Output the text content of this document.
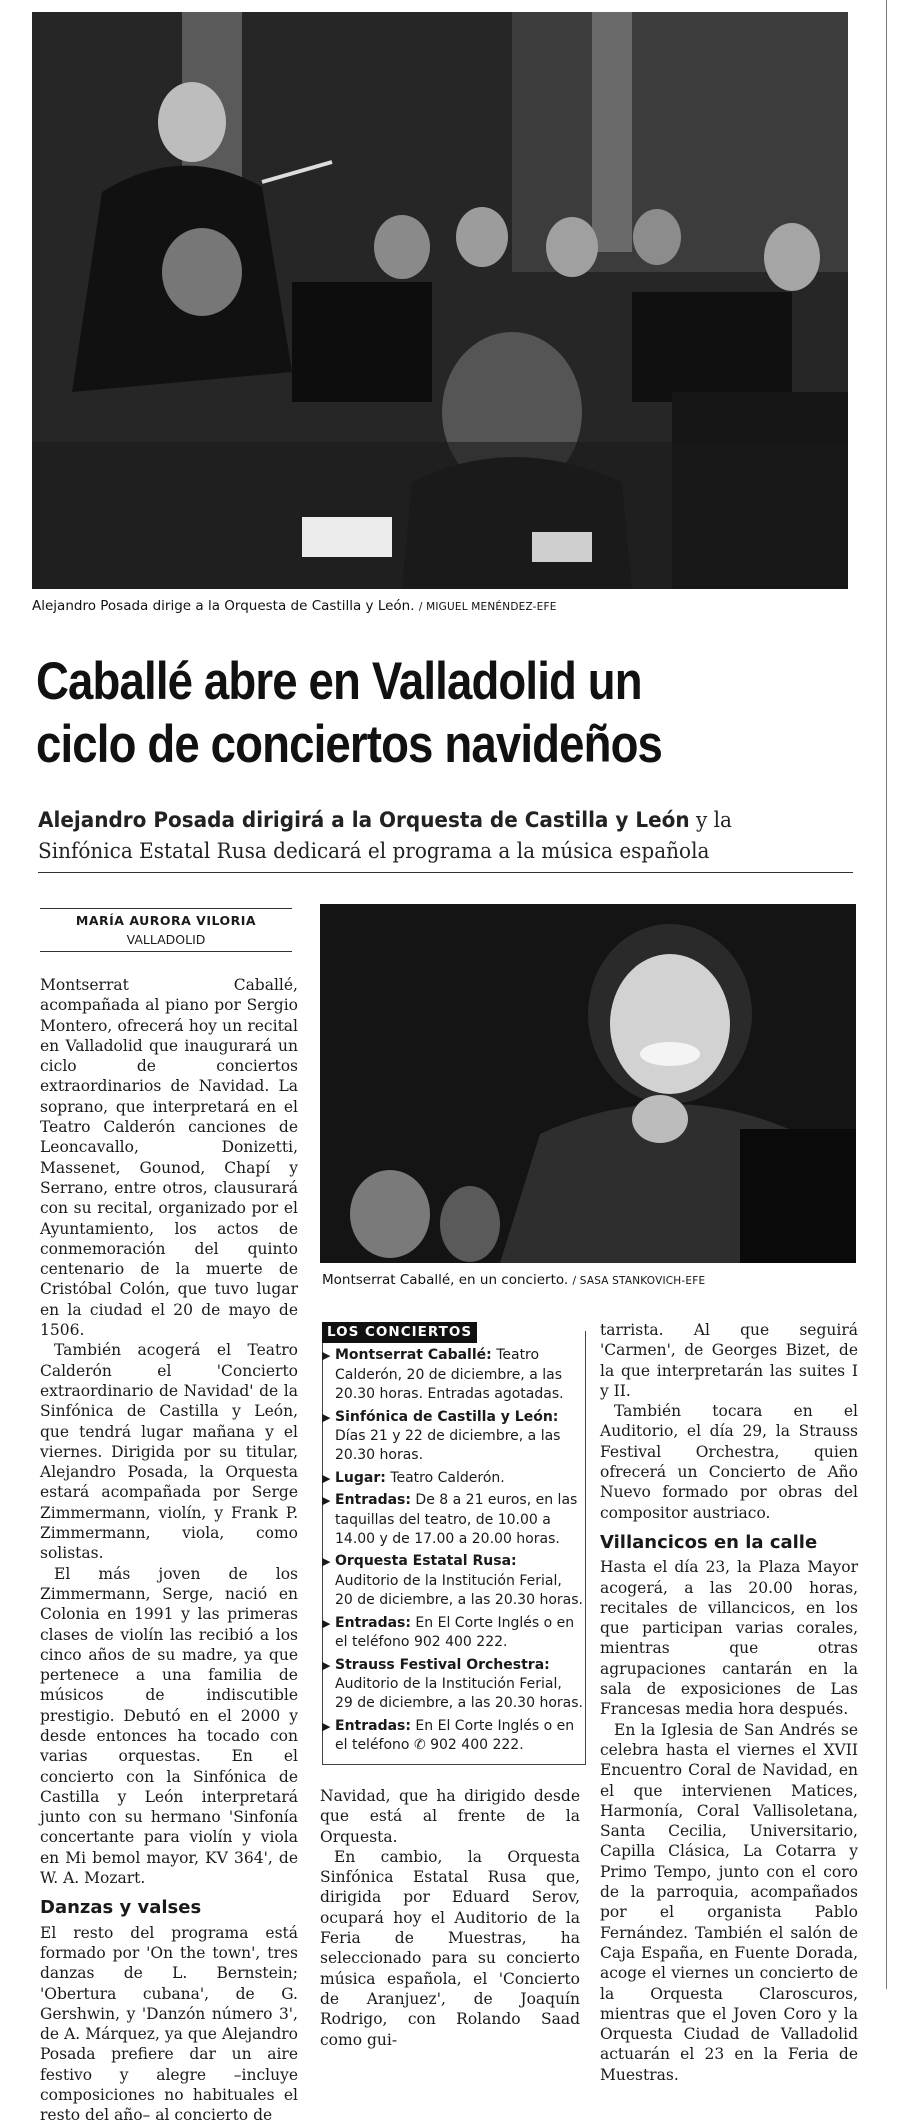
Alejandro Posada dirige a la Orquesta de Castilla y León. / MIGUEL MENÉNDEZ-EFE
Caballé abre en Valladolid un
ciclo de conciertos navideños
Alejandro Posada dirigirá a la Orquesta de Castilla y León y la
Sinfónica Estatal Rusa dedicará el programa a la música española
MARÍA AURORA VILORIA
VALLADOLID

Montserrat Caballé, acompañada al piano por Sergio Montero, ofrecerá hoy un recital en Valladolid que inaugurará un ciclo de conciertos extraordinarios de Navidad. La soprano, que interpretará en el Teatro Calderón canciones de Leoncavallo, Donizetti, Massenet, Gounod, Chapí y Serrano, entre otros, clausurará con su recital, organizado por el Ayuntamiento, los actos de conmemoración del quinto centenario de la muerte de Cristóbal Colón, que tuvo lugar en la ciudad el 20 de mayo de 1506.

También acogerá el Teatro Calderón el 'Concierto extraordinario de Navidad' de la Sinfónica de Castilla y León, que tendrá lugar mañana y el viernes. Dirigida por su titular, Alejandro Posada, la Orquesta estará acompañada por Serge Zimmermann, violín, y Frank P. Zimmermann, viola, como solistas.

El más joven de los Zimmermann, Serge, nació en Colonia en 1991 y las primeras clases de violín las recibió a los cinco años de su madre, ya que pertenece a una familia de músicos de indiscutible prestigio. Debutó en el 2000 y desde entonces ha tocado con varias orquestas. En el concierto con la Sinfónica de Castilla y León interpretará junto con su hermano 'Sinfonía concertante para violín y viola en Mi bemol mayor, KV 364', de W. A. Mozart.

Danzas y valses

El resto del programa está formado por 'On the town', tres danzas de L. Bernstein; 'Obertura cubana', de G. Gershwin, y 'Danzón número 3', de A. Márquez, ya que Alejandro Posada prefiere dar un aire festivo y alegre –incluye composiciones no habituales el resto del año– al concierto de

Montserrat Caballé, en un concierto. / SASA STANKOVICH-EFE
LOS CONCIERTOS
▶ Montserrat Caballé: Teatro Calderón, 20 de diciembre, a las 20.30 horas. Entradas agotadas.
▶ Sinfónica de Castilla y León: Días 21 y 22 de diciembre, a las 20.30 horas.
▶ Lugar: Teatro Calderón.
▶ Entradas: De 8 a 21 euros, en las taquillas del teatro, de 10.00 a 14.00 y de 17.00 a 20.00 horas.
▶ Orquesta Estatal Rusa: Auditorio de la Institución Ferial, 20 de diciembre, a las 20.30 horas.
▶ Entradas: En El Corte Inglés o en el teléfono 902 400 222.
▶ Strauss Festival Orchestra: Auditorio de la Institución Ferial, 29 de diciembre, a las 20.30 horas.
▶ Entradas: En El Corte Inglés o en el teléfono ✆ 902 400 222.

Navidad, que ha dirigido desde que está al frente de la Orquesta.

En cambio, la Orquesta Sinfónica Estatal Rusa que, dirigida por Eduard Serov, ocupará hoy el Auditorio de la Feria de Muestras, ha seleccionado para su concierto música española, el 'Concierto de Aranjuez', de Joaquín Rodrigo, con Rolando Saad como gui-

tarrista. Al que seguirá 'Carmen', de Georges Bizet, de la que interpretarán las suites I y II.

También tocara en el Auditorio, el día 29, la Strauss Festival Orchestra, quien ofrecerá un Concierto de Año Nuevo formado por obras del compositor austriaco.

Villancicos en la calle

Hasta el día 23, la Plaza Mayor acogerá, a las 20.00 horas, recitales de villancicos, en los que participan varias corales, mientras que otras agrupaciones cantarán en la sala de exposiciones de Las Francesas media hora después.

En la Iglesia de San Andrés se celebra hasta el viernes el XVII Encuentro Coral de Navidad, en el que intervienen Matices, Harmonía, Coral Vallisoletana, Santa Cecilia, Universitario, Capilla Clásica, La Cotarra y Primo Tempo, junto con el coro de la parroquia, acompañados por el organista Pablo Fernández. También el salón de Caja España, en Fuente Dorada, acoge el viernes un concierto de la Orquesta Claroscuros, mientras que el Joven Coro y la Orquesta Ciudad de Valladolid actuarán el 23 en la Feria de Muestras.
